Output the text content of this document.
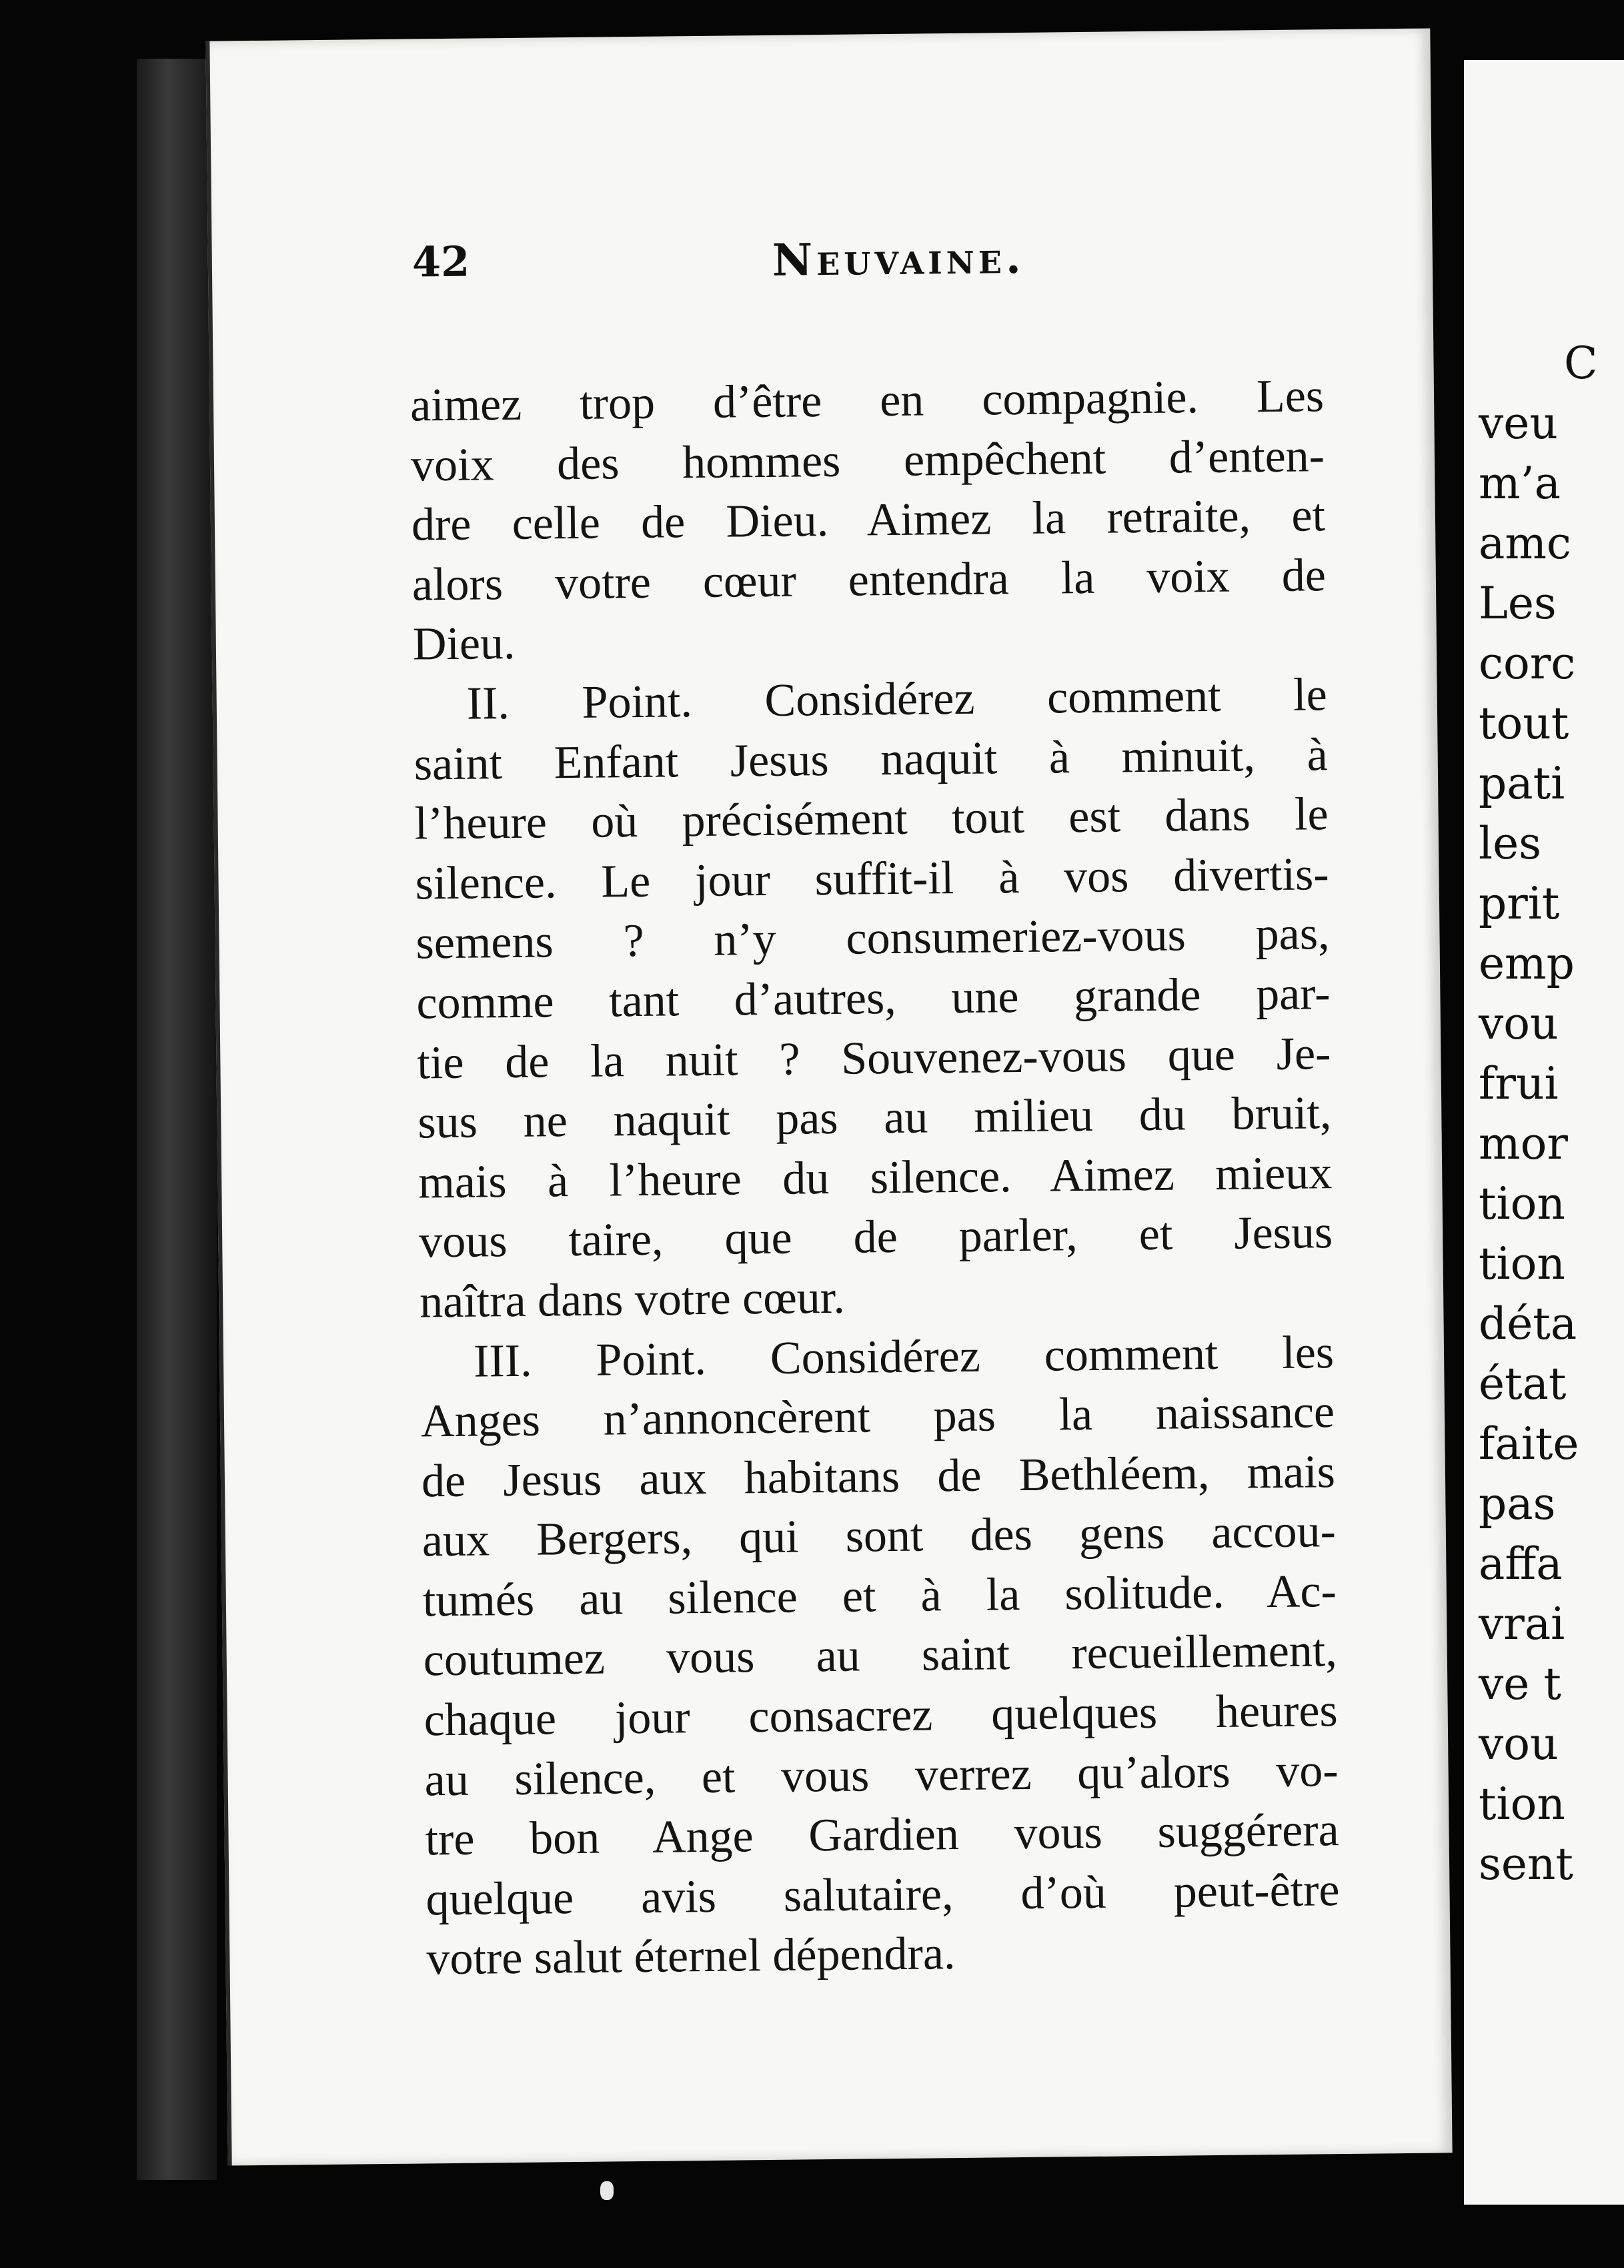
42	Neuvaine.
aimez trop d’être en compagnie. Les
voix des hommes empêchent d’enten-
dre celle de Dieu. Aimez la retraite, et
alors votre cœur entendra la voix de
Dieu.
II. Point. Considérez comment le
saint Enfant Jesus naquit à minuit, à
l’heure où précisément tout est dans le
silence. Le jour suffit-il à vos divertis-
semens ? n’y consumeriez-vous pas,
comme tant d’autres, une grande par-
tie de la nuit ? Souvenez-vous que Je-
sus ne naquit pas au milieu du bruit,
mais à l’heure du silence. Aimez mieux
vous taire, que de parler, et Jesus
naîtra dans votre cœur.
III. Point. Considérez comment les
Anges n’annoncèrent pas la naissance
de Jesus aux habitans de Bethléem, mais
aux Bergers, qui sont des gens accou-
tumés au silence et à la solitude. Ac-
coutumez vous au saint recueillement,
chaque jour consacrez quelques heures
au silence, et vous verrez qu’alors vo-
tre bon Ange Gardien vous suggérera
quelque avis salutaire, d’où peut-être
votre salut éternel dépendra.
C
veu
m’a
amc
Les
corc
tout
pati
les
prit
emp
vou
frui
mor
tion
tion
déta
état
faite
pas
affa
vrai
ve t
vou
tion
sent
